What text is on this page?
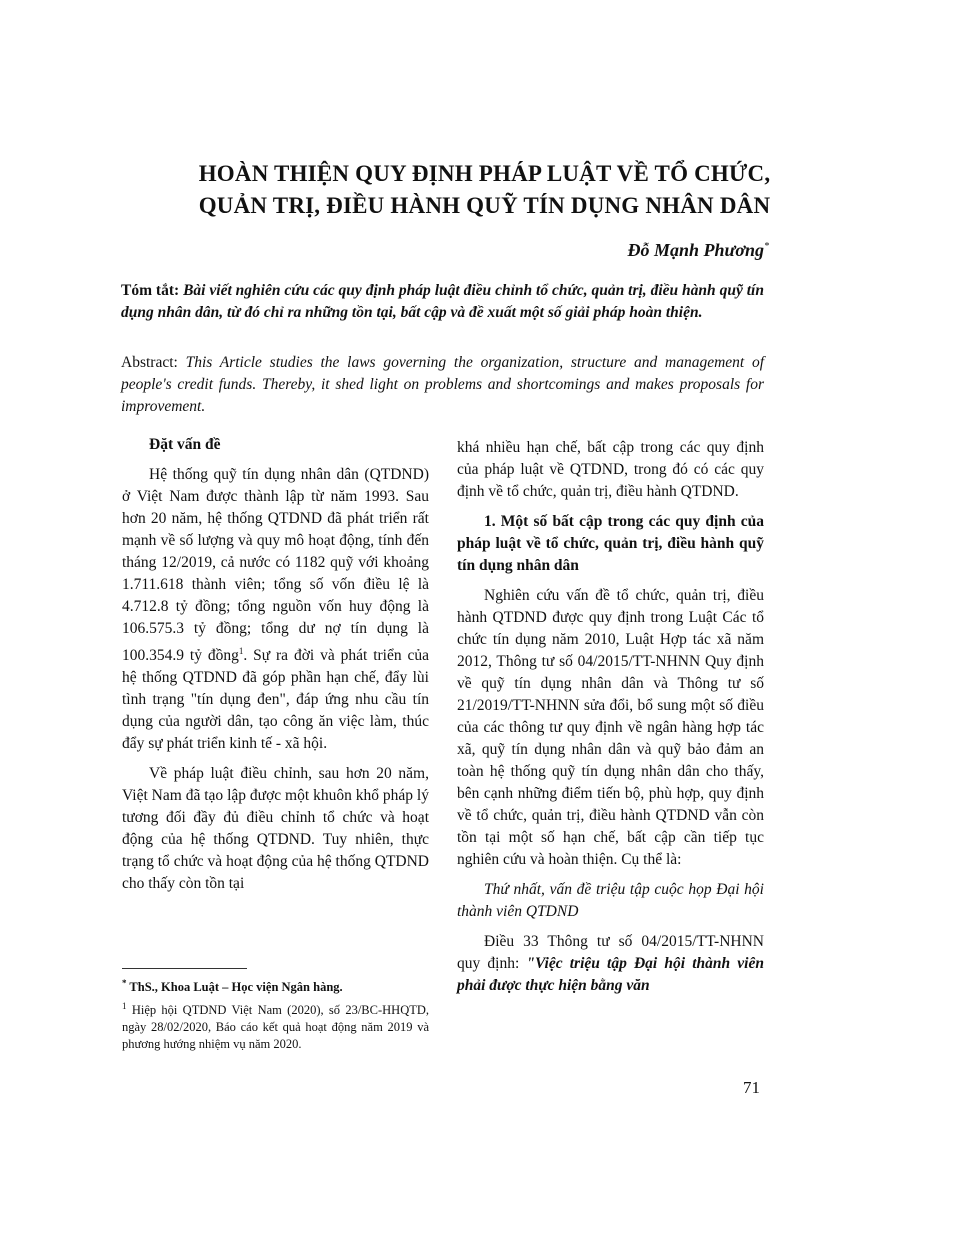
HOÀN THIỆN QUY ĐỊNH PHÁP LUẬT VỀ TỔ CHỨC,
QUẢN TRỊ, ĐIỀU HÀNH QUỸ TÍN DỤNG NHÂN DÂN
Đỗ Mạnh Phương*

Tóm tắt: Bài viết nghiên cứu các quy định pháp luật điều chỉnh tổ chức, quản trị, điều hành quỹ tín dụng nhân dân, từ đó chỉ ra những tồn tại, bất cập và đề xuất một số giải pháp hoàn thiện.

Abstract: This Article studies the laws governing the organization, structure and management of people's credit funds. Thereby, it shed light on problems and shortcomings and makes proposals for improvement.

Đặt vấn đề

Hệ thống quỹ tín dụng nhân dân (QTDND) ở Việt Nam được thành lập từ năm 1993. Sau hơn 20 năm, hệ thống QTDND đã phát triển rất mạnh về số lượng và quy mô hoạt động, tính đến tháng 12/2019, cả nước có 1182 quỹ với khoảng 1.711.618 thành viên; tổng số vốn điều lệ là 4.712.8 tỷ đồng; tổng nguồn vốn huy động là 106.575.3 tỷ đồng; tổng dư nợ tín dụng là 100.354.9 tỷ đồng$^1$. Sự ra đời và phát triển của hệ thống QTDND đã góp phần hạn chế, đẩy lùi tình trạng "tín dụng đen", đáp ứng nhu cầu tín dụng của người dân, tạo công ăn việc làm, thúc đẩy sự phát triển kinh tế - xã hội.

Về pháp luật điều chỉnh, sau hơn 20 năm, Việt Nam đã tạo lập được một khuôn khổ pháp lý tương đối đầy đủ điều chỉnh tổ chức và hoạt động của hệ thống QTDND. Tuy nhiên, thực trạng tổ chức và hoạt động của hệ thống QTDND cho thấy còn tồn tại

* ThS., Khoa Luật – Học viện Ngân hàng.

$^1$ Hiệp hội QTDND Việt Nam (2020), số 23/BC-HHQTD, ngày 28/02/2020, Báo cáo kết quả hoạt động năm 2019 và phương hướng nhiệm vụ năm 2020.

khá nhiều hạn chế, bất cập trong các quy định của pháp luật về QTDND, trong đó có các quy định về tổ chức, quản trị, điều hành QTDND.

1. Một số bất cập trong các quy định của pháp luật về tổ chức, quản trị, điều hành quỹ tín dụng nhân dân

Nghiên cứu vấn đề tổ chức, quản trị, điều hành QTDND được quy định trong Luật Các tổ chức tín dụng năm 2010, Luật Hợp tác xã năm 2012, Thông tư số 04/2015/TT-NHNN Quy định về quỹ tín dụng nhân dân và Thông tư số 21/2019/TT-NHNN sửa đổi, bổ sung một số điều của các thông tư quy định về ngân hàng hợp tác xã, quỹ tín dụng nhân dân và quỹ bảo đảm an toàn hệ thống quỹ tín dụng nhân dân cho thấy, bên cạnh những điểm tiến bộ, phù hợp, quy định về tổ chức, quản trị, điều hành QTDND vẫn còn tồn tại một số hạn chế, bất cập cần tiếp tục nghiên cứu và hoàn thiện. Cụ thể là:

Thứ nhất, vấn đề triệu tập cuộc họp Đại hội thành viên QTDND

Điều 33 Thông tư số 04/2015/TT-NHNN quy định: "Việc triệu tập Đại hội thành viên phải được thực hiện bằng văn

71
